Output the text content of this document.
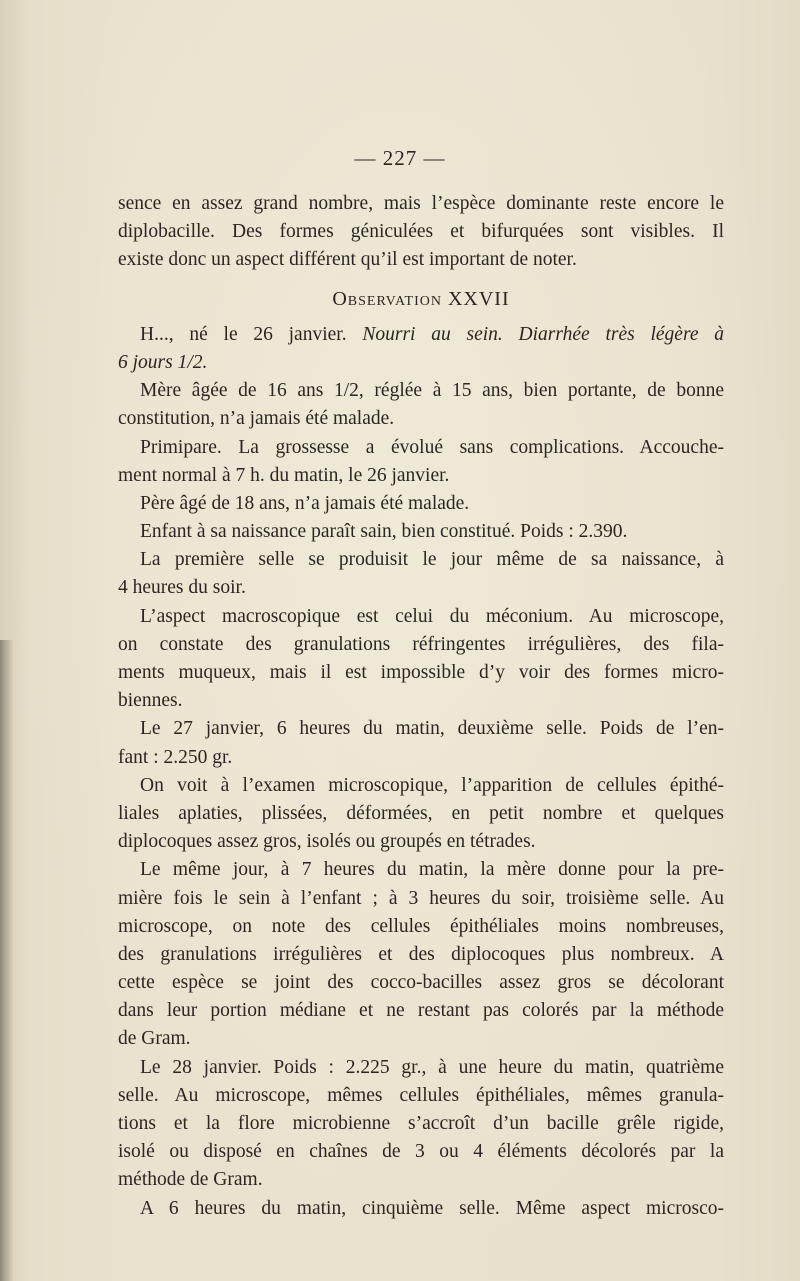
— 227 —
sence en assez grand nombre, mais l’espèce dominante reste encore le
diplobacille. Des formes géniculées et bifurquées sont visibles. Il
existe donc un aspect différent qu’il est important de noter.
Observation XXVII
H..., né le 26 janvier. Nourri au sein. Diarrhée très légère à
6 jours 1/2.
Mère âgée de 16 ans 1/2, réglée à 15 ans, bien portante, de bonne
constitution, n’a jamais été malade.
Primipare. La grossesse a évolué sans complications. Accouche-
ment normal à 7 h. du matin, le 26 janvier.
Père âgé de 18 ans, n’a jamais été malade.
Enfant à sa naissance paraît sain, bien constitué. Poids : 2.390.
La première selle se produisit le jour même de sa naissance, à
4 heures du soir.
L’aspect macroscopique est celui du méconium. Au microscope,
on constate des granulations réfringentes irrégulières, des fila-
ments muqueux, mais il est impossible d’y voir des formes micro-
biennes.
Le 27 janvier, 6 heures du matin, deuxième selle. Poids de l’en-
fant : 2.250 gr.
On voit à l’examen microscopique, l’apparition de cellules épithé-
liales aplaties, plissées, déformées, en petit nombre et quelques
diplocoques assez gros, isolés ou groupés en tétrades.
Le même jour, à 7 heures du matin, la mère donne pour la pre-
mière fois le sein à l’enfant ; à 3 heures du soir, troisième selle. Au
microscope, on note des cellules épithéliales moins nombreuses,
des granulations irrégulières et des diplocoques plus nombreux. A
cette espèce se joint des cocco-bacilles assez gros se décolorant
dans leur portion médiane et ne restant pas colorés par la méthode
de Gram.
Le 28 janvier. Poids : 2.225 gr., à une heure du matin, quatrième
selle. Au microscope, mêmes cellules épithéliales, mêmes granula-
tions et la flore microbienne s’accroît d’un bacille grêle rigide,
isolé ou disposé en chaînes de 3 ou 4 éléments décolorés par la
méthode de Gram.
A 6 heures du matin, cinquième selle. Même aspect microsco-
